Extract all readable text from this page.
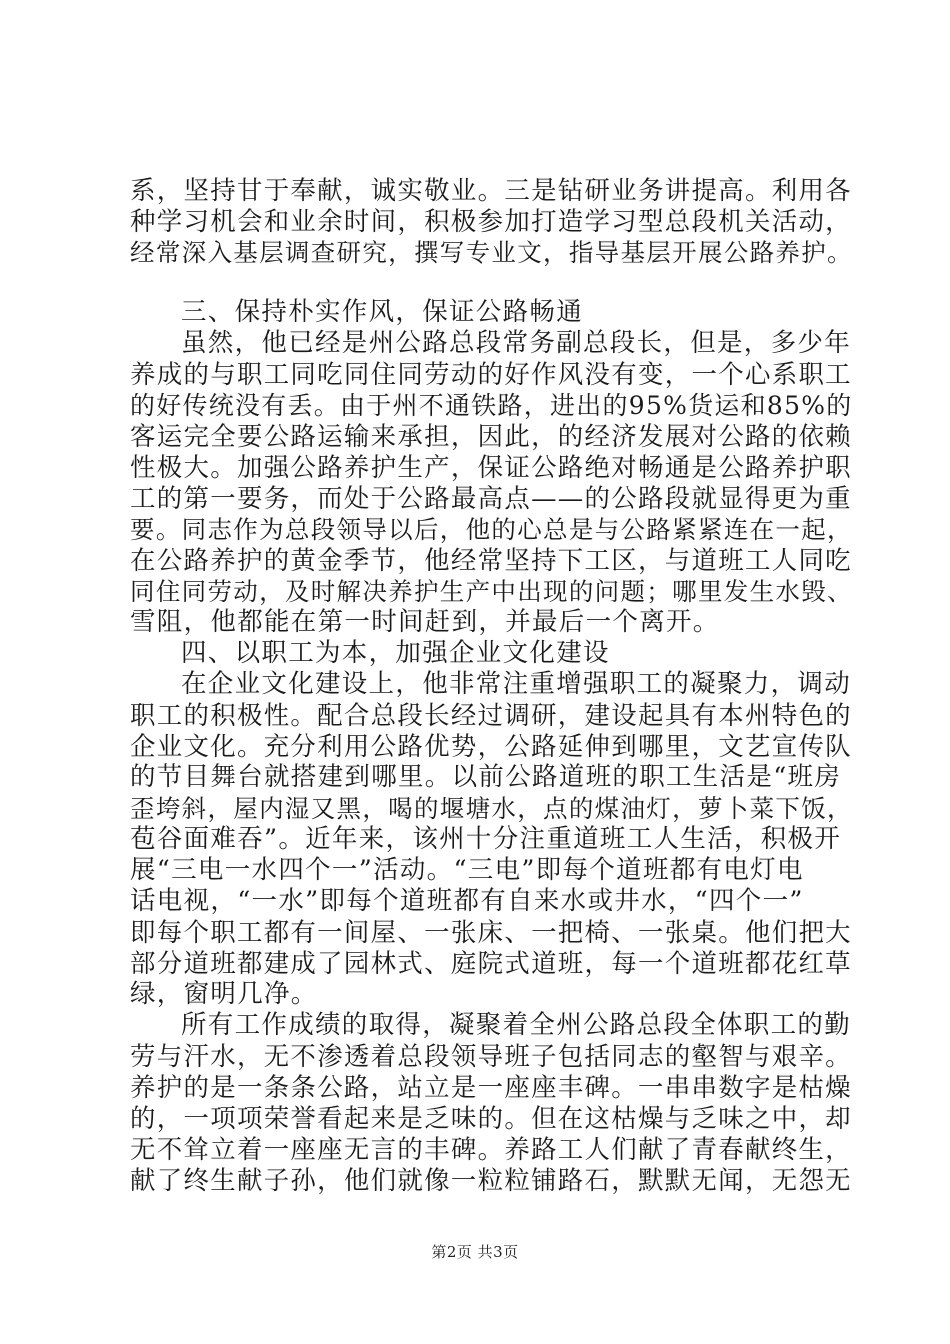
系，坚持甘于奉献，诚实敬业。三是钻研业务讲提高。利用各
种学习机会和业余时间，积极参加打造学习型总段机关活动，
经常深入基层调查研究，撰写专业文，指导基层开展公路养护。
三、保持朴实作风，保证公路畅通
虽然，他已经是州公路总段常务副总段长，但是，多少年
养成的与职工同吃同住同劳动的好作风没有变，一个心系职工
的好传统没有丢。由于州不通铁路，进出的95%货运和85%的
客运完全要公路运输来承担，因此，的经济发展对公路的依赖
性极大。加强公路养护生产，保证公路绝对畅通是公路养护职
工的第一要务，而处于公路最高点——的公路段就显得更为重
要。同志作为总段领导以后，他的心总是与公路紧紧连在一起，
在公路养护的黄金季节，他经常坚持下工区，与道班工人同吃
同住同劳动，及时解决养护生产中出现的问题；哪里发生水毁、
雪阻，他都能在第一时间赶到，并最后一个离开。
四、以职工为本，加强企业文化建设
在企业文化建设上，他非常注重增强职工的凝聚力，调动
职工的积极性。配合总段长经过调研，建设起具有本州特色的
企业文化。充分利用公路优势，公路延伸到哪里，文艺宣传队
的节目舞台就搭建到哪里。以前公路道班的职工生活是“班房
歪垮斜，屋内湿又黑，喝的堰塘水，点的煤油灯，萝卜菜下饭，
苞谷面难吞”。近年来，该州十分注重道班工人生活，积极开
展“三电一水四个一”活动。“三电”即每个道班都有电灯电
话电视，“一水”即每个道班都有自来水或井水，“四个一”
即每个职工都有一间屋、一张床、一把椅、一张桌。他们把大
部分道班都建成了园林式、庭院式道班，每一个道班都花红草
绿，窗明几净。
所有工作成绩的取得，凝聚着全州公路总段全体职工的勤
劳与汗水，无不渗透着总段领导班子包括同志的壑智与艰辛。
养护的是一条条公路，站立是一座座丰碑。一串串数字是枯燥
的，一项项荣誉看起来是乏味的。但在这枯燥与乏味之中，却
无不耸立着一座座无言的丰碑。养路工人们献了青春献终生，
献了终生献子孙，他们就像一粒粒铺路石，默默无闻，无怨无
第2页 共3页
